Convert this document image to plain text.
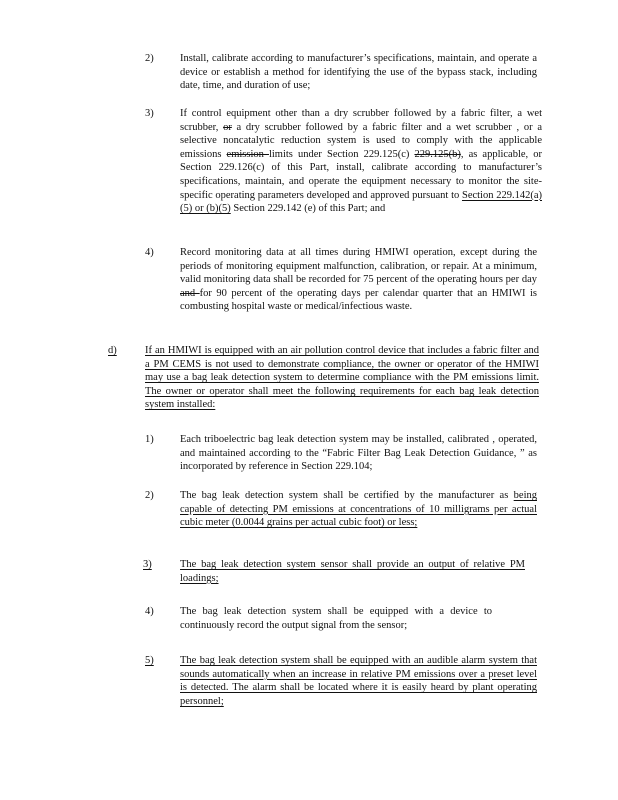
2)	Install, calibrate according to manufacturer’s specifications, maintain, and operate a device or establish a method for identifying the use of the bypass stack, including date, time, and duration of use;
3)	If control equipment other than a dry scrubber followed by a fabric filter, a wet scrubber, or a dry scrubber followed by a fabric filter and a wet scrubber , or a selective noncatalytic reduction system is used to comply with the applicable emissions emission limits under Section 229.125(c) 229.125(b), as applicable, or Section 229.126(c) of this Part, install, calibrate according to manufacturer’s specifications, maintain, and operate the equipment necessary to monitor the site-specific operating parameters developed and approved pursuant to Section 229.142(a)(5) or (b)(5) Section 229.142 (e) of this Part; and
4)	Record monitoring data at all times during HMIWI operation, except during the periods of monitoring equipment malfunction, calibration, or repair. At a minimum, valid monitoring data shall be recorded for 75 percent of the operating hours per day and for 90 percent of the operating days per calendar quarter that an HMIWI is combusting hospital waste or medical/infectious waste.
d)	If an HMIWI is equipped with an air pollution control device that includes a fabric filter and a PM CEMS is not used to demonstrate compliance, the owner or operator of the HMIWI may use a bag leak detection system to determine compliance with the PM emissions limit. The owner or operator shall meet the following requirements for each bag leak detection system installed:
1)	Each triboelectric bag leak detection system may be installed, calibrated , operated, and maintained according to the “Fabric Filter Bag Leak Detection Guidance, ” as incorporated by reference in Section 229.104;
2)	The bag leak detection system shall be certified by the manufacturer as being capable of detecting PM emissions at concentrations of 10 milligrams per actual cubic meter (0.0044 grains per actual cubic foot) or less;
3)	The bag leak detection system sensor shall provide an output of relative PM loadings;
4)	The bag leak detection system shall be equipped with a device to continuously record the output signal from the sensor;
5)	The bag leak detection system shall be equipped with an audible alarm system that sounds automatically when an increase in relative PM emissions over a preset level is detected. The alarm shall be located where it is easily heard by plant operating personnel;
